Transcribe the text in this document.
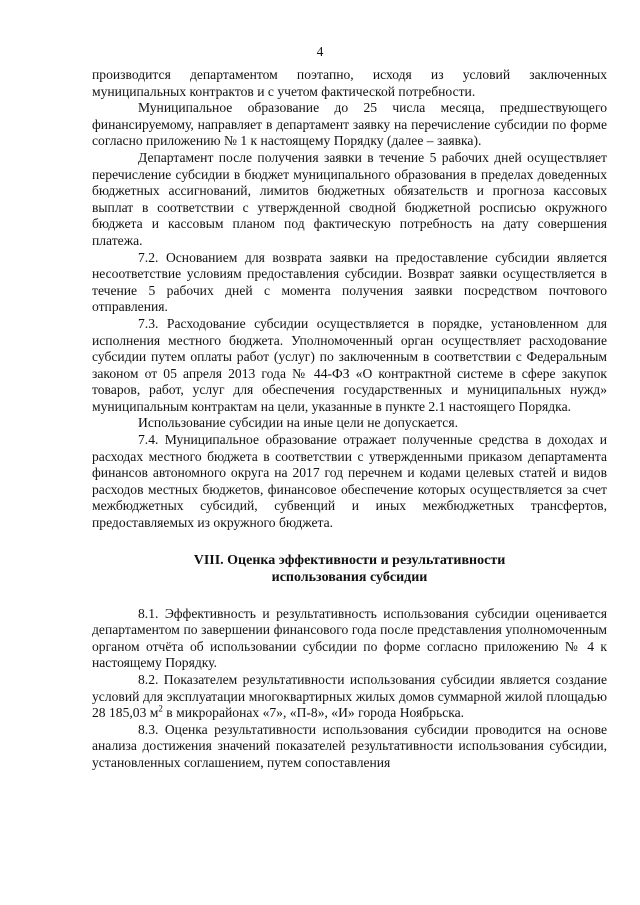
4

производится департаментом поэтапно, исходя из условий заключенных муниципальных контрактов и с учетом фактической потребности.

Муниципальное образование до 25 числа месяца, предшествующего финансируемому, направляет в департамент заявку на перечисление субсидии по форме согласно приложению № 1 к настоящему Порядку (далее – заявка).

Департамент после получения заявки в течение 5 рабочих дней осуществляет перечисление субсидии в бюджет муниципального образования в пределах доведенных бюджетных ассигнований, лимитов бюджетных обязательств и прогноза кассовых выплат в соответствии с утвержденной сводной бюджетной росписью окружного бюджета и кассовым планом под фактическую потребность на дату совершения платежа.

7.2. Основанием для возврата заявки на предоставление субсидии является несоответствие условиям предоставления субсидии. Возврат заявки осуществляется в течение 5 рабочих дней с момента получения заявки посредством почтового отправления.

7.3. Расходование субсидии осуществляется в порядке, установленном для исполнения местного бюджета. Уполномоченный орган осуществляет расходование субсидии путем оплаты работ (услуг) по заключенным в соответствии с Федеральным законом от 05 апреля 2013 года № 44-ФЗ «О контрактной системе в сфере закупок товаров, работ, услуг для обеспечения государственных и муниципальных нужд» муниципальным контрактам на цели, указанные в пункте 2.1 настоящего Порядка.

Использование субсидии на иные цели не допускается.

7.4. Муниципальное образование отражает полученные средства в доходах и расходах местного бюджета в соответствии с утвержденными приказом департамента финансов автономного округа на 2017 год перечнем и кодами целевых статей и видов расходов местных бюджетов, финансовое обеспечение которых осуществляется за счет межбюджетных субсидий, субвенций и иных межбюджетных трансфертов, предоставляемых из окружного бюджета.

VIII. Оценка эффективности и результативности
использования субсидии

8.1. Эффективность и результативность использования субсидии оценивается департаментом по завершении финансового года после представления уполномоченным органом отчёта об использовании субсидии по форме согласно приложению № 4 к настоящему Порядку.

8.2. Показателем результативности использования субсидии является создание условий для эксплуатации многоквартирных жилых домов суммарной жилой площадью 28 185,03 $м^2$ в микрорайонах «7», «П-8», «И» города Ноябрьска.

8.3. Оценка результативности использования субсидии проводится на основе анализа достижения значений показателей результативности использования субсидии, установленных соглашением, путем сопоставления
